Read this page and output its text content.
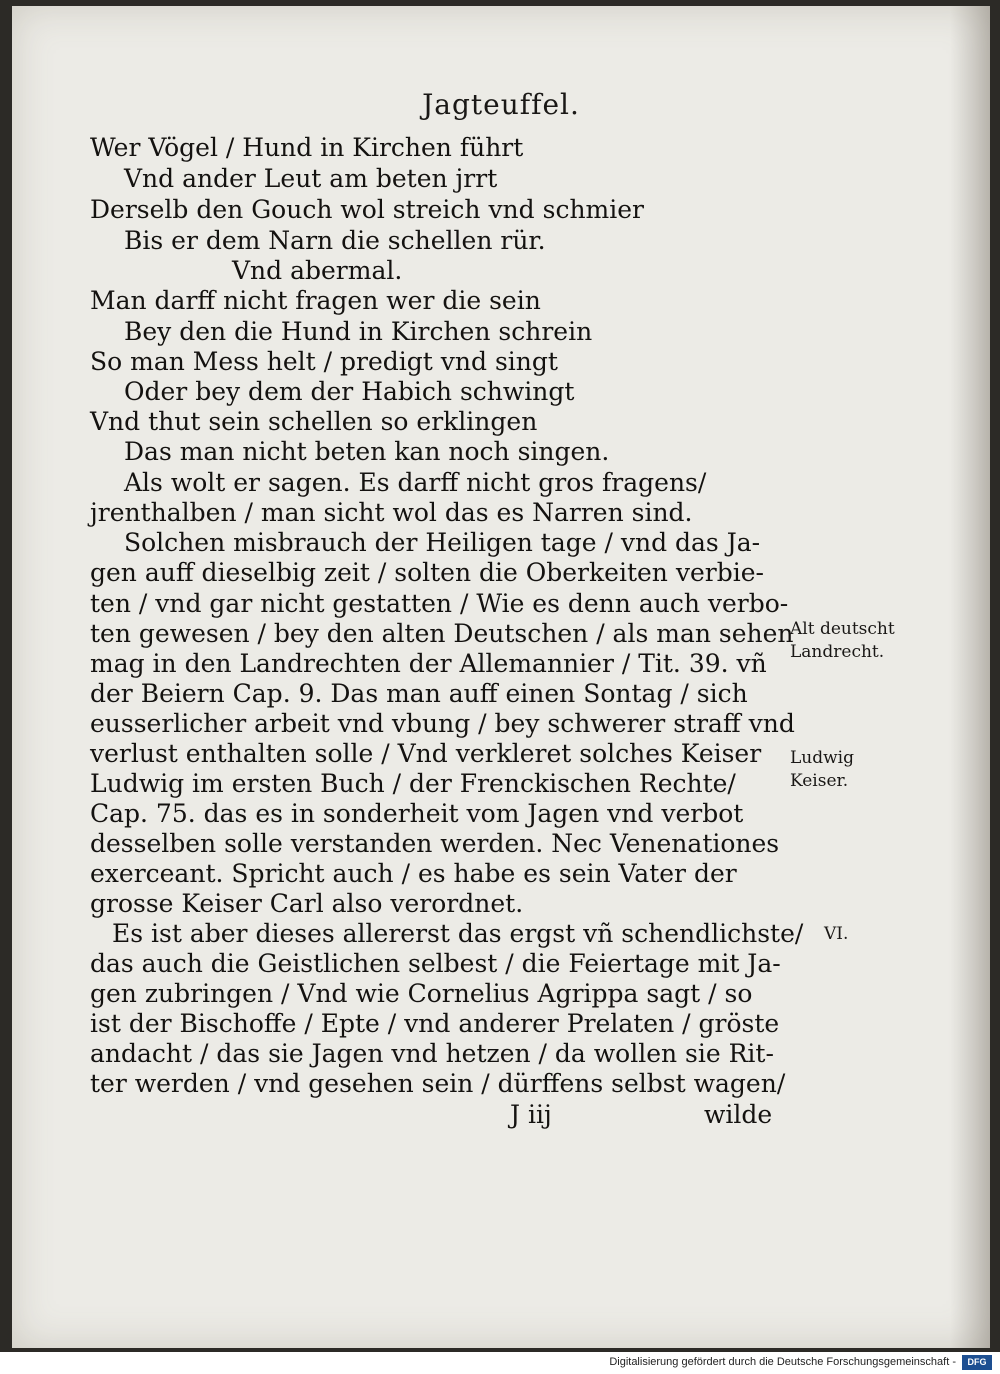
Jagteuffel.
Wer Vögel / Hund in Kirchen führt
Vnd ander Leut am beten jrrt
Derselb den Gouch wol streich vnd schmier
Bis er dem Narn die schellen rür.
Vnd abermal.
Man darff nicht fragen wer die sein
Bey den die Hund in Kirchen schrein
So man Mess helt / predigt vnd singt
Oder bey dem der Habich schwingt
Vnd thut sein schellen so erklingen
Das man nicht beten kan noch singen.
Als wolt er sagen. Es darff nicht gros fragens/
jrenthalben / man sicht wol das es Narren sind.
Solchen misbrauch der Heiligen tage / vnd das Ja-
gen auff dieselbig zeit / solten die Oberkeiten verbie-
ten / vnd gar nicht gestatten / Wie es denn auch verbo-
ten gewesen / bey den alten Deutschen / als man sehen
mag in den Landrechten der Allemannier / Tit. 39. vñ
der Beiern Cap. 9. Das man auff einen Sontag / sich
eusserlicher arbeit vnd vbung / bey schwerer straff vnd
verlust enthalten solle / Vnd verkleret solches Keiser
Ludwig im ersten Buch / der Frenckischen Rechte/
Cap. 75. das es in sonderheit vom Jagen vnd verbot
desselben solle verstanden werden. Nec Venenationes
exerceant. Spricht auch / es habe es sein Vater der
grosse Keiser Carl also verordnet.
Es ist aber dieses allererst das ergst vñ schendlichste/
das auch die Geistlichen selbest / die Feiertage mit Ja-
gen zubringen / Vnd wie Cornelius Agrippa sagt / so
ist der Bischoffe / Epte / vnd anderer Prelaten / gröste
andacht / das sie Jagen vnd hetzen / da wollen sie Rit-
ter werden / vnd gesehen sein / dürffens selbst wagen/
J iij	wilde
Alt deutscht
Landrecht.
Ludwig
Keiser.
VI.
Digitalisierung gefördert durch die Deutsche Forschungsgemeinschaft -	DFG
